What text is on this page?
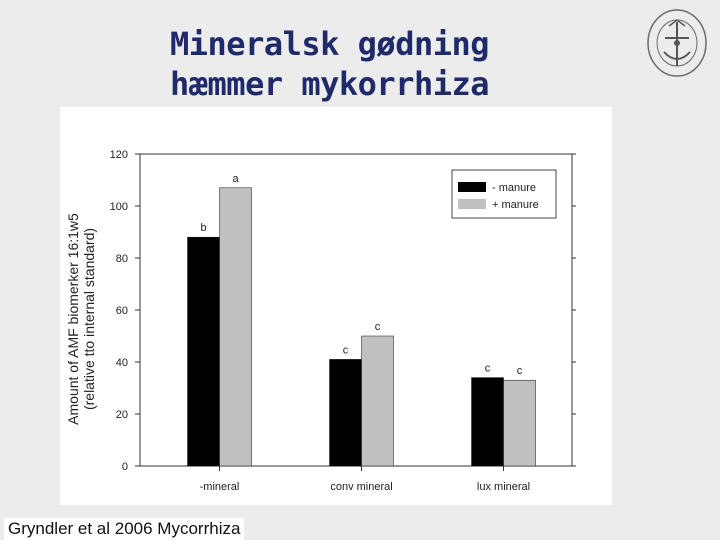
Mineralsk gødning
hæmmer mykorrhiza
0
20
40
60
80
100
120
b
a
c
c
c c
-mineral	conv mineral	lux mineral
Amount of AMF biomerker 16:1w5 (relative tto internal standard)
- manure
+ manure
Gryndler et al 2006 Mycorrhiza
